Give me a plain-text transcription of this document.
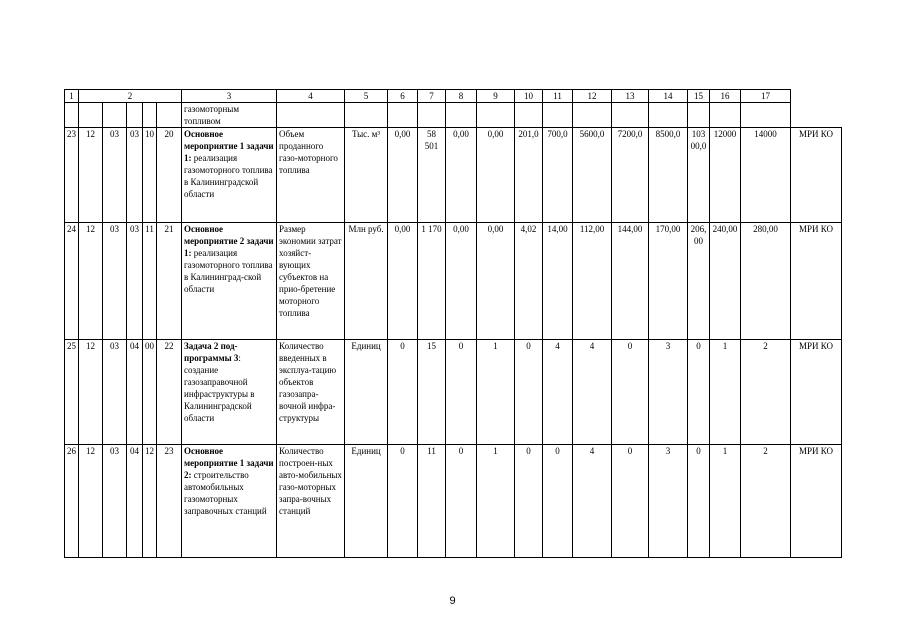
1	2					3	4	5	6	7	8	9	10	11	12	13	14	15	16	17	
						газомоторным топливом															
23	12	03	03	10	20	Основное мероприятие 1 задачи 1: реализация газомоторного топлива в Калининградской области	Объем проданного газо-моторного топлива	Тыс. м³	0,00	58 501	0,00	0,00	201,0	700,0	5600,0	7200,0	8500,0	10300,0	12000	14000	МРИ КО
24	12	03	03	11	21	Основное мероприятие 2 задачи 1: реализация газомоторного топлива в Калининград-ской области	Размер экономии затрат хозяйст-вующих субъектов на прио-бретение моторного топлива	Млн руб.	0,00	1 170	0,00	0,00	4,02	14,00	112,00	144,00	170,00	206,00	240,00	280,00	МРИ КО
25	12	03	04	00	22	Задача 2 под-программы 3: создание газозаправочной инфраструктуры в Калининградской области	Количество введенных в эксплуа-тацию объектов газозапра-вочной инфра-структуры	Единиц	0	15	0	1	0	4	4	0	3	0	1	2	МРИ КО
26	12	03	04	12	23	Основное мероприятие 1 задачи 2: строительство автомобильных газомоторных заправочных станций	Количество построен-ных авто-мобильных газо-моторных запра-вочных станций	Единиц	0	11	0	1	0	0	4	0	3	0	1	2	МРИ КО
9
